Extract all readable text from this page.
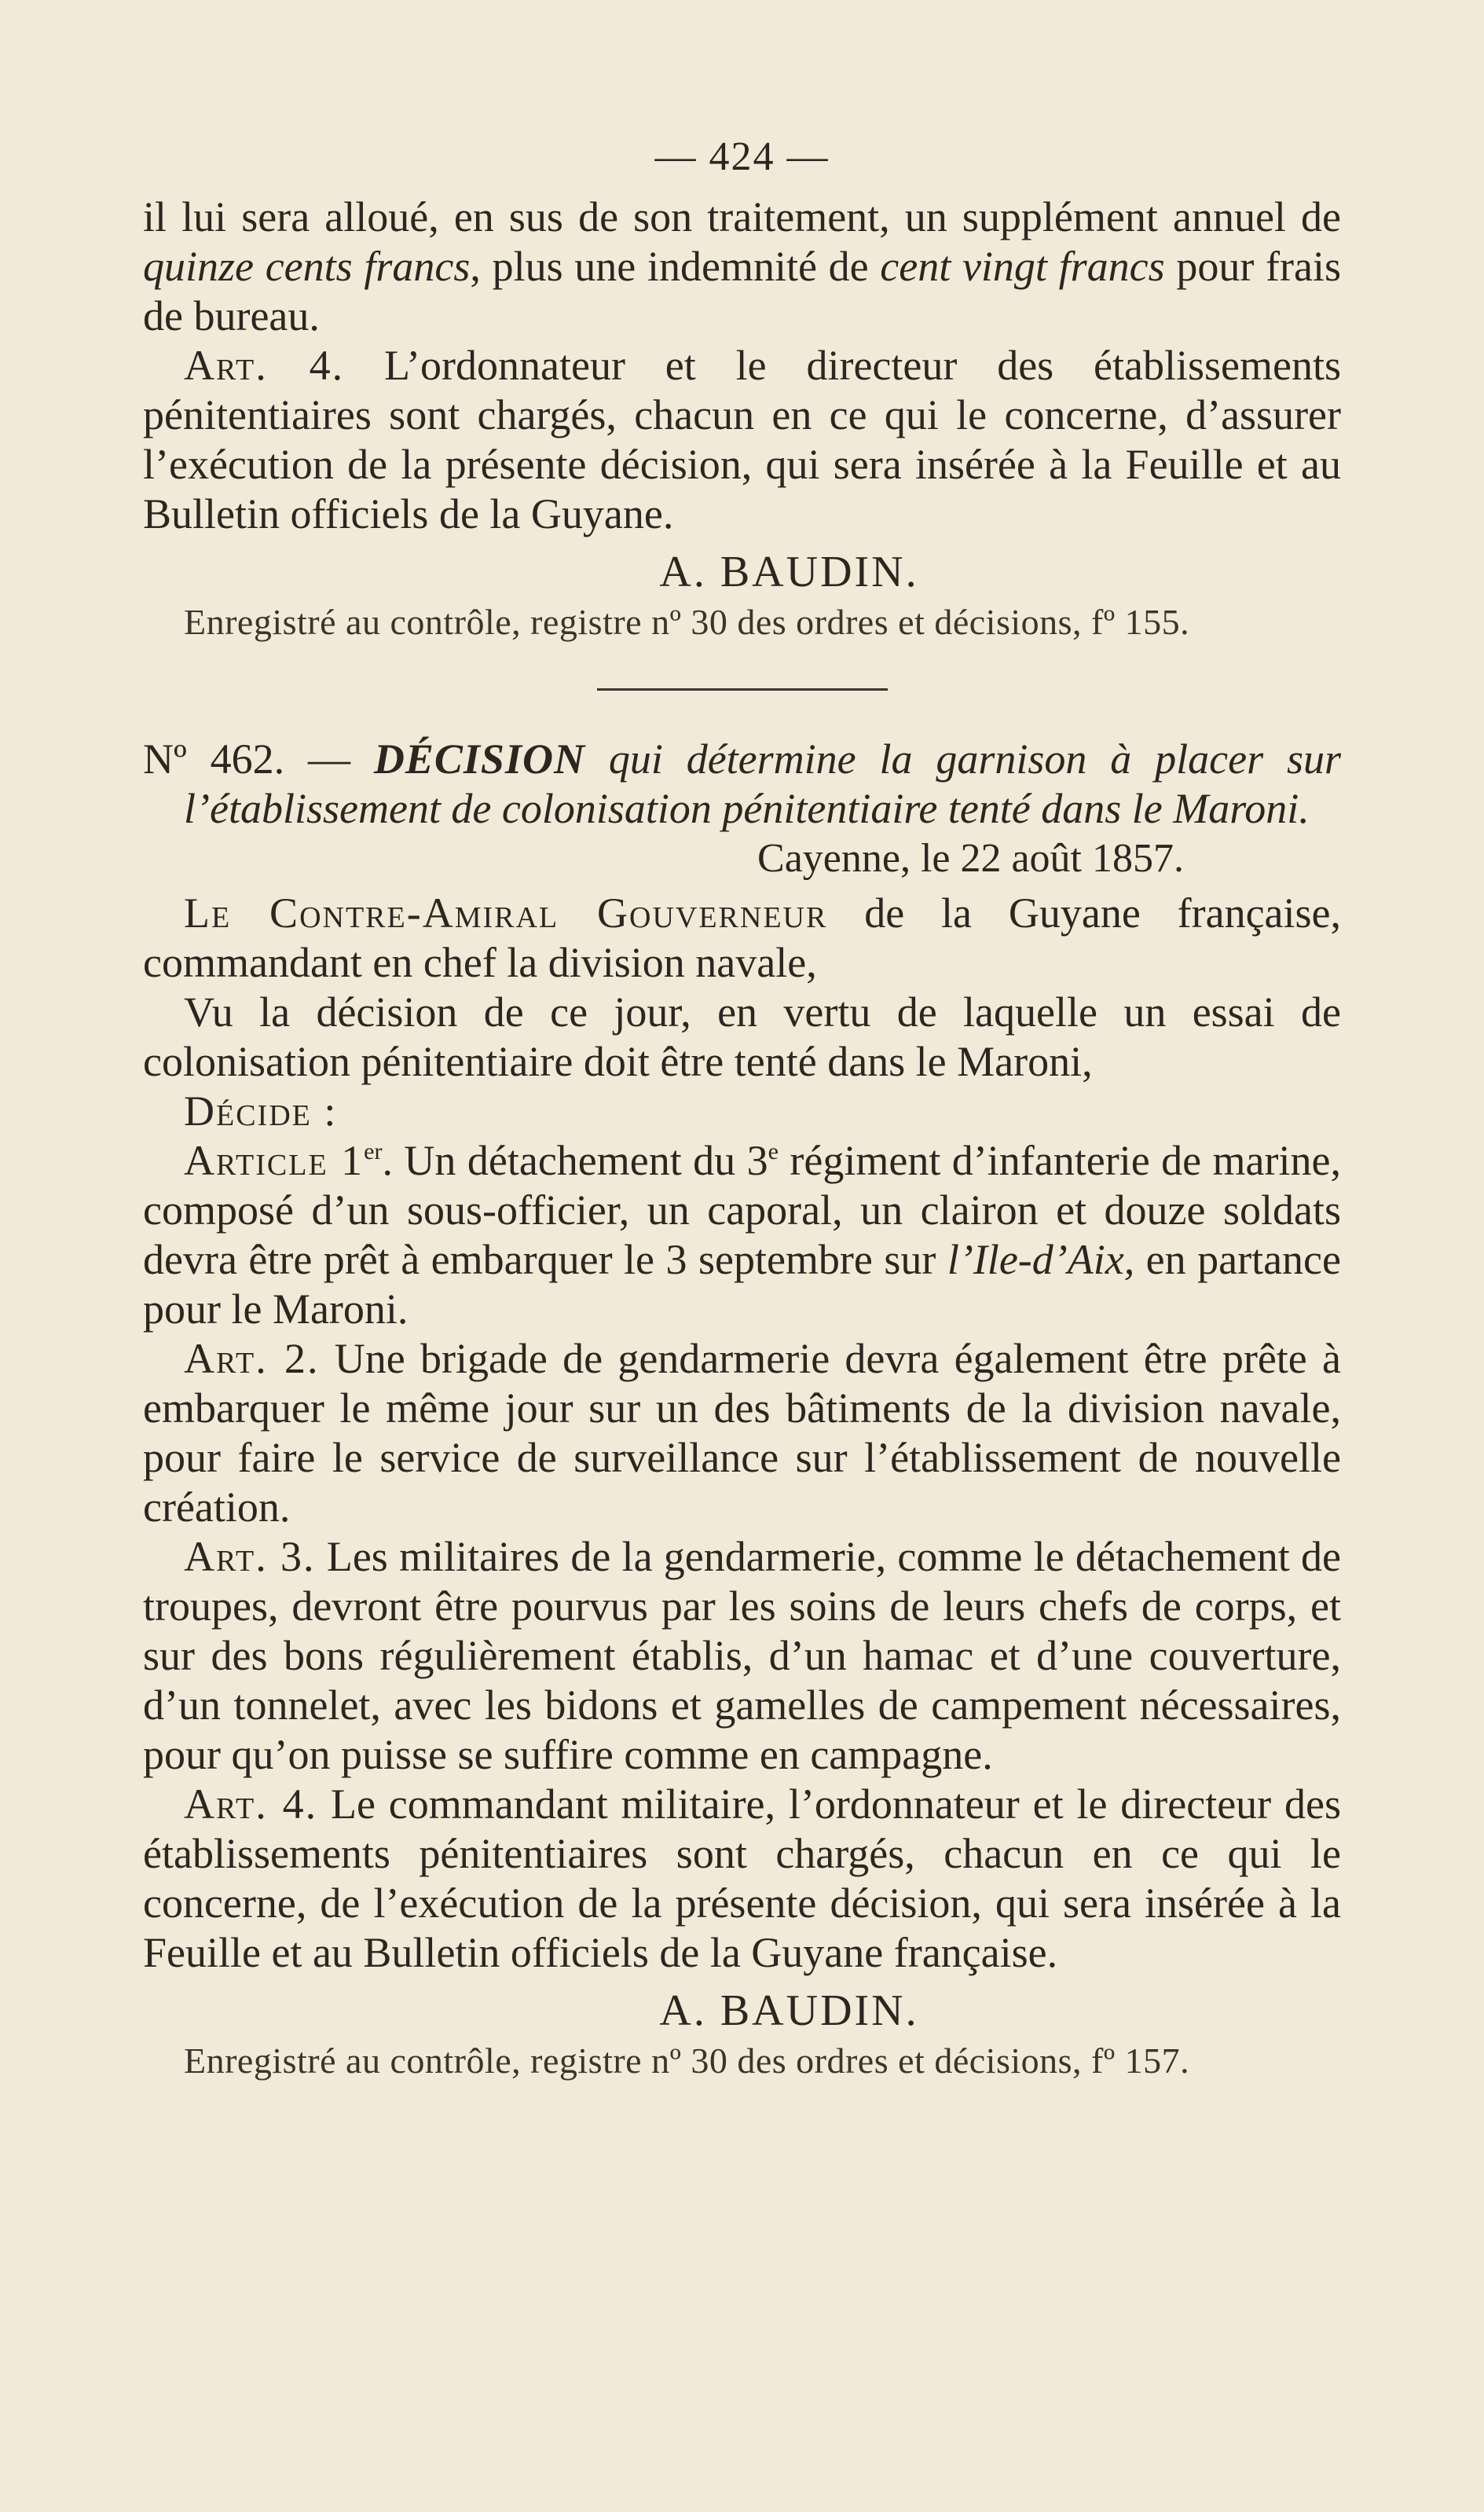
— 424 —

il lui sera alloué, en sus de son traitement, un supplément annuel de quinze cents francs, plus une indemnité de cent vingt francs pour frais de bureau.

Art. 4. L’ordonnateur et le directeur des établissements pénitentiaires sont chargés, chacun en ce qui le concerne, d’assurer l’exécution de la présente décision, qui sera insérée à la Feuille et au Bulletin officiels de la Guyane.

A. BAUDIN.

Enregistré au contrôle, registre nº 30 des ordres et décisions, fº 155.

Nº 462. — DÉCISION qui détermine la garnison à placer sur l’établissement de colonisation pénitentiaire tenté dans le Maroni.

Cayenne, le 22 août 1857.

Le Contre-Amiral Gouverneur de la Guyane française, commandant en chef la division navale,

Vu la décision de ce jour, en vertu de laquelle un essai de colonisation pénitentiaire doit être tenté dans le Maroni,

Décide :

Article 1er. Un détachement du 3e régiment d’infanterie de marine, composé d’un sous-officier, un caporal, un clairon et douze soldats devra être prêt à embarquer le 3 septembre sur l’Ile-d’Aix, en partance pour le Maroni.

Art. 2. Une brigade de gendarmerie devra également être prête à embarquer le même jour sur un des bâtiments de la division navale, pour faire le service de surveillance sur l’établissement de nouvelle création.

Art. 3. Les militaires de la gendarmerie, comme le détachement de troupes, devront être pourvus par les soins de leurs chefs de corps, et sur des bons régulièrement établis, d’un hamac et d’une couverture, d’un tonnelet, avec les bidons et gamelles de campement nécessaires, pour qu’on puisse se suffire comme en campagne.

Art. 4. Le commandant militaire, l’ordonnateur et le directeur des établissements pénitentiaires sont chargés, chacun en ce qui le concerne, de l’exécution de la présente décision, qui sera insérée à la Feuille et au Bulletin officiels de la Guyane française.

A. BAUDIN.

Enregistré au contrôle, registre nº 30 des ordres et décisions, fº 157.
